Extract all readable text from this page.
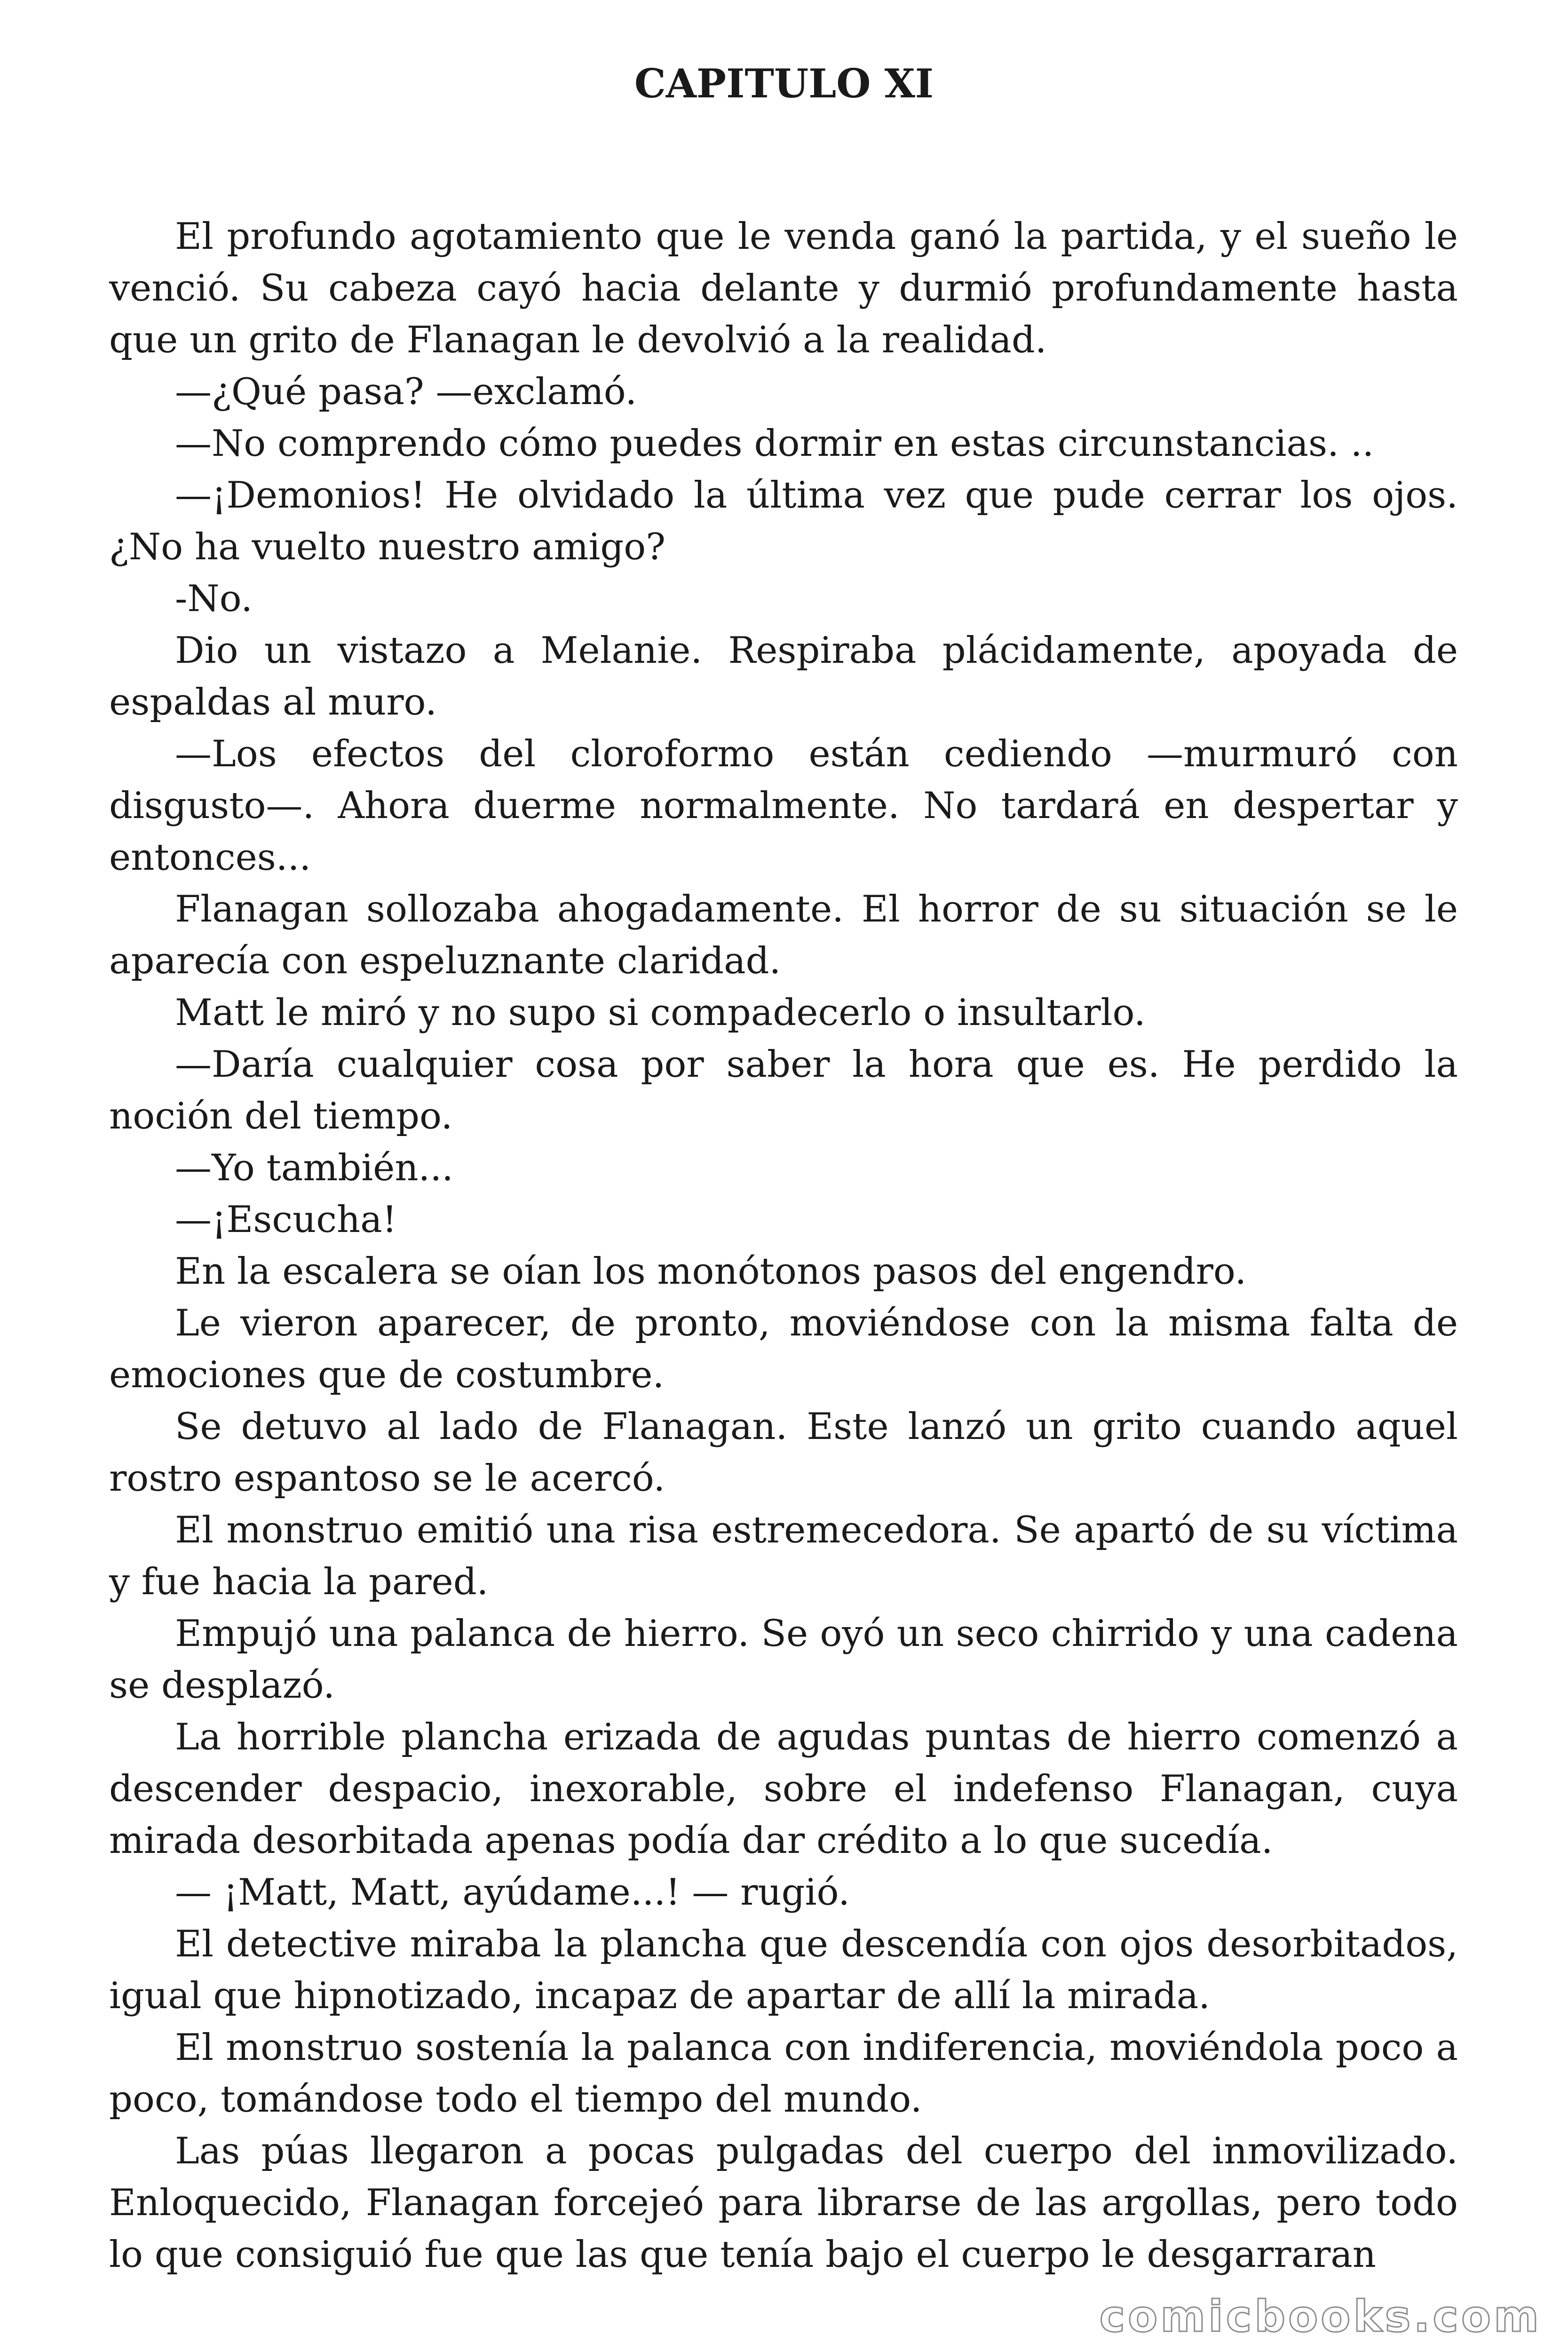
CAPITULO XI

El profundo agotamiento que le venda ganó la partida, y el sueño le venció. Su cabeza cayó hacia delante y durmió profundamente hasta que un grito de Flanagan le devolvió a la realidad.

—¿Qué pasa? —exclamó.

—No comprendo cómo puedes dormir en estas circunstancias. ..

—¡Demonios! He olvidado la última vez que pude cerrar los ojos. ¿No ha vuelto nuestro amigo?

-No.

Dio un vistazo a Melanie. Respiraba plácidamente, apoyada de espaldas al muro.

—Los efectos del cloroformo están cediendo —murmuró con disgusto—. Ahora duerme normalmente. No tardará en despertar y entonces...

Flanagan sollozaba ahogadamente. El horror de su situación se le aparecía con espeluznante claridad.

Matt le miró y no supo si compadecerlo o insultarlo.

—Daría cualquier cosa por saber la hora que es. He perdido la noción del tiempo.

—Yo también...

—¡Escucha!

En la escalera se oían los monótonos pasos del engendro.

Le vieron aparecer, de pronto, moviéndose con la misma falta de emociones que de costumbre.

Se detuvo al lado de Flanagan. Este lanzó un grito cuando aquel rostro espantoso se le acercó.

El monstruo emitió una risa estremecedora. Se apartó de su víctima y fue hacia la pared.

Empujó una palanca de hierro. Se oyó un seco chirrido y una cadena se desplazó.

La horrible plancha erizada de agudas puntas de hierro comenzó a descender despacio, inexorable, sobre el indefenso Flanagan, cuya mirada desorbitada apenas podía dar crédito a lo que sucedía.

— ¡Matt, Matt, ayúdame...! — rugió.

El detective miraba la plancha que descendía con ojos desorbitados, igual que hipnotizado, incapaz de apartar de allí la mirada.

El monstruo sostenía la palanca con indiferencia, moviéndola poco a poco, tomándose todo el tiempo del mundo.

Las púas llegaron a pocas pulgadas del cuerpo del inmovilizado. Enloquecido, Flanagan forcejeó para librarse de las argollas, pero todo lo que consiguió fue que las que tenía bajo el cuerpo le desgarraran

comicbooks.com
